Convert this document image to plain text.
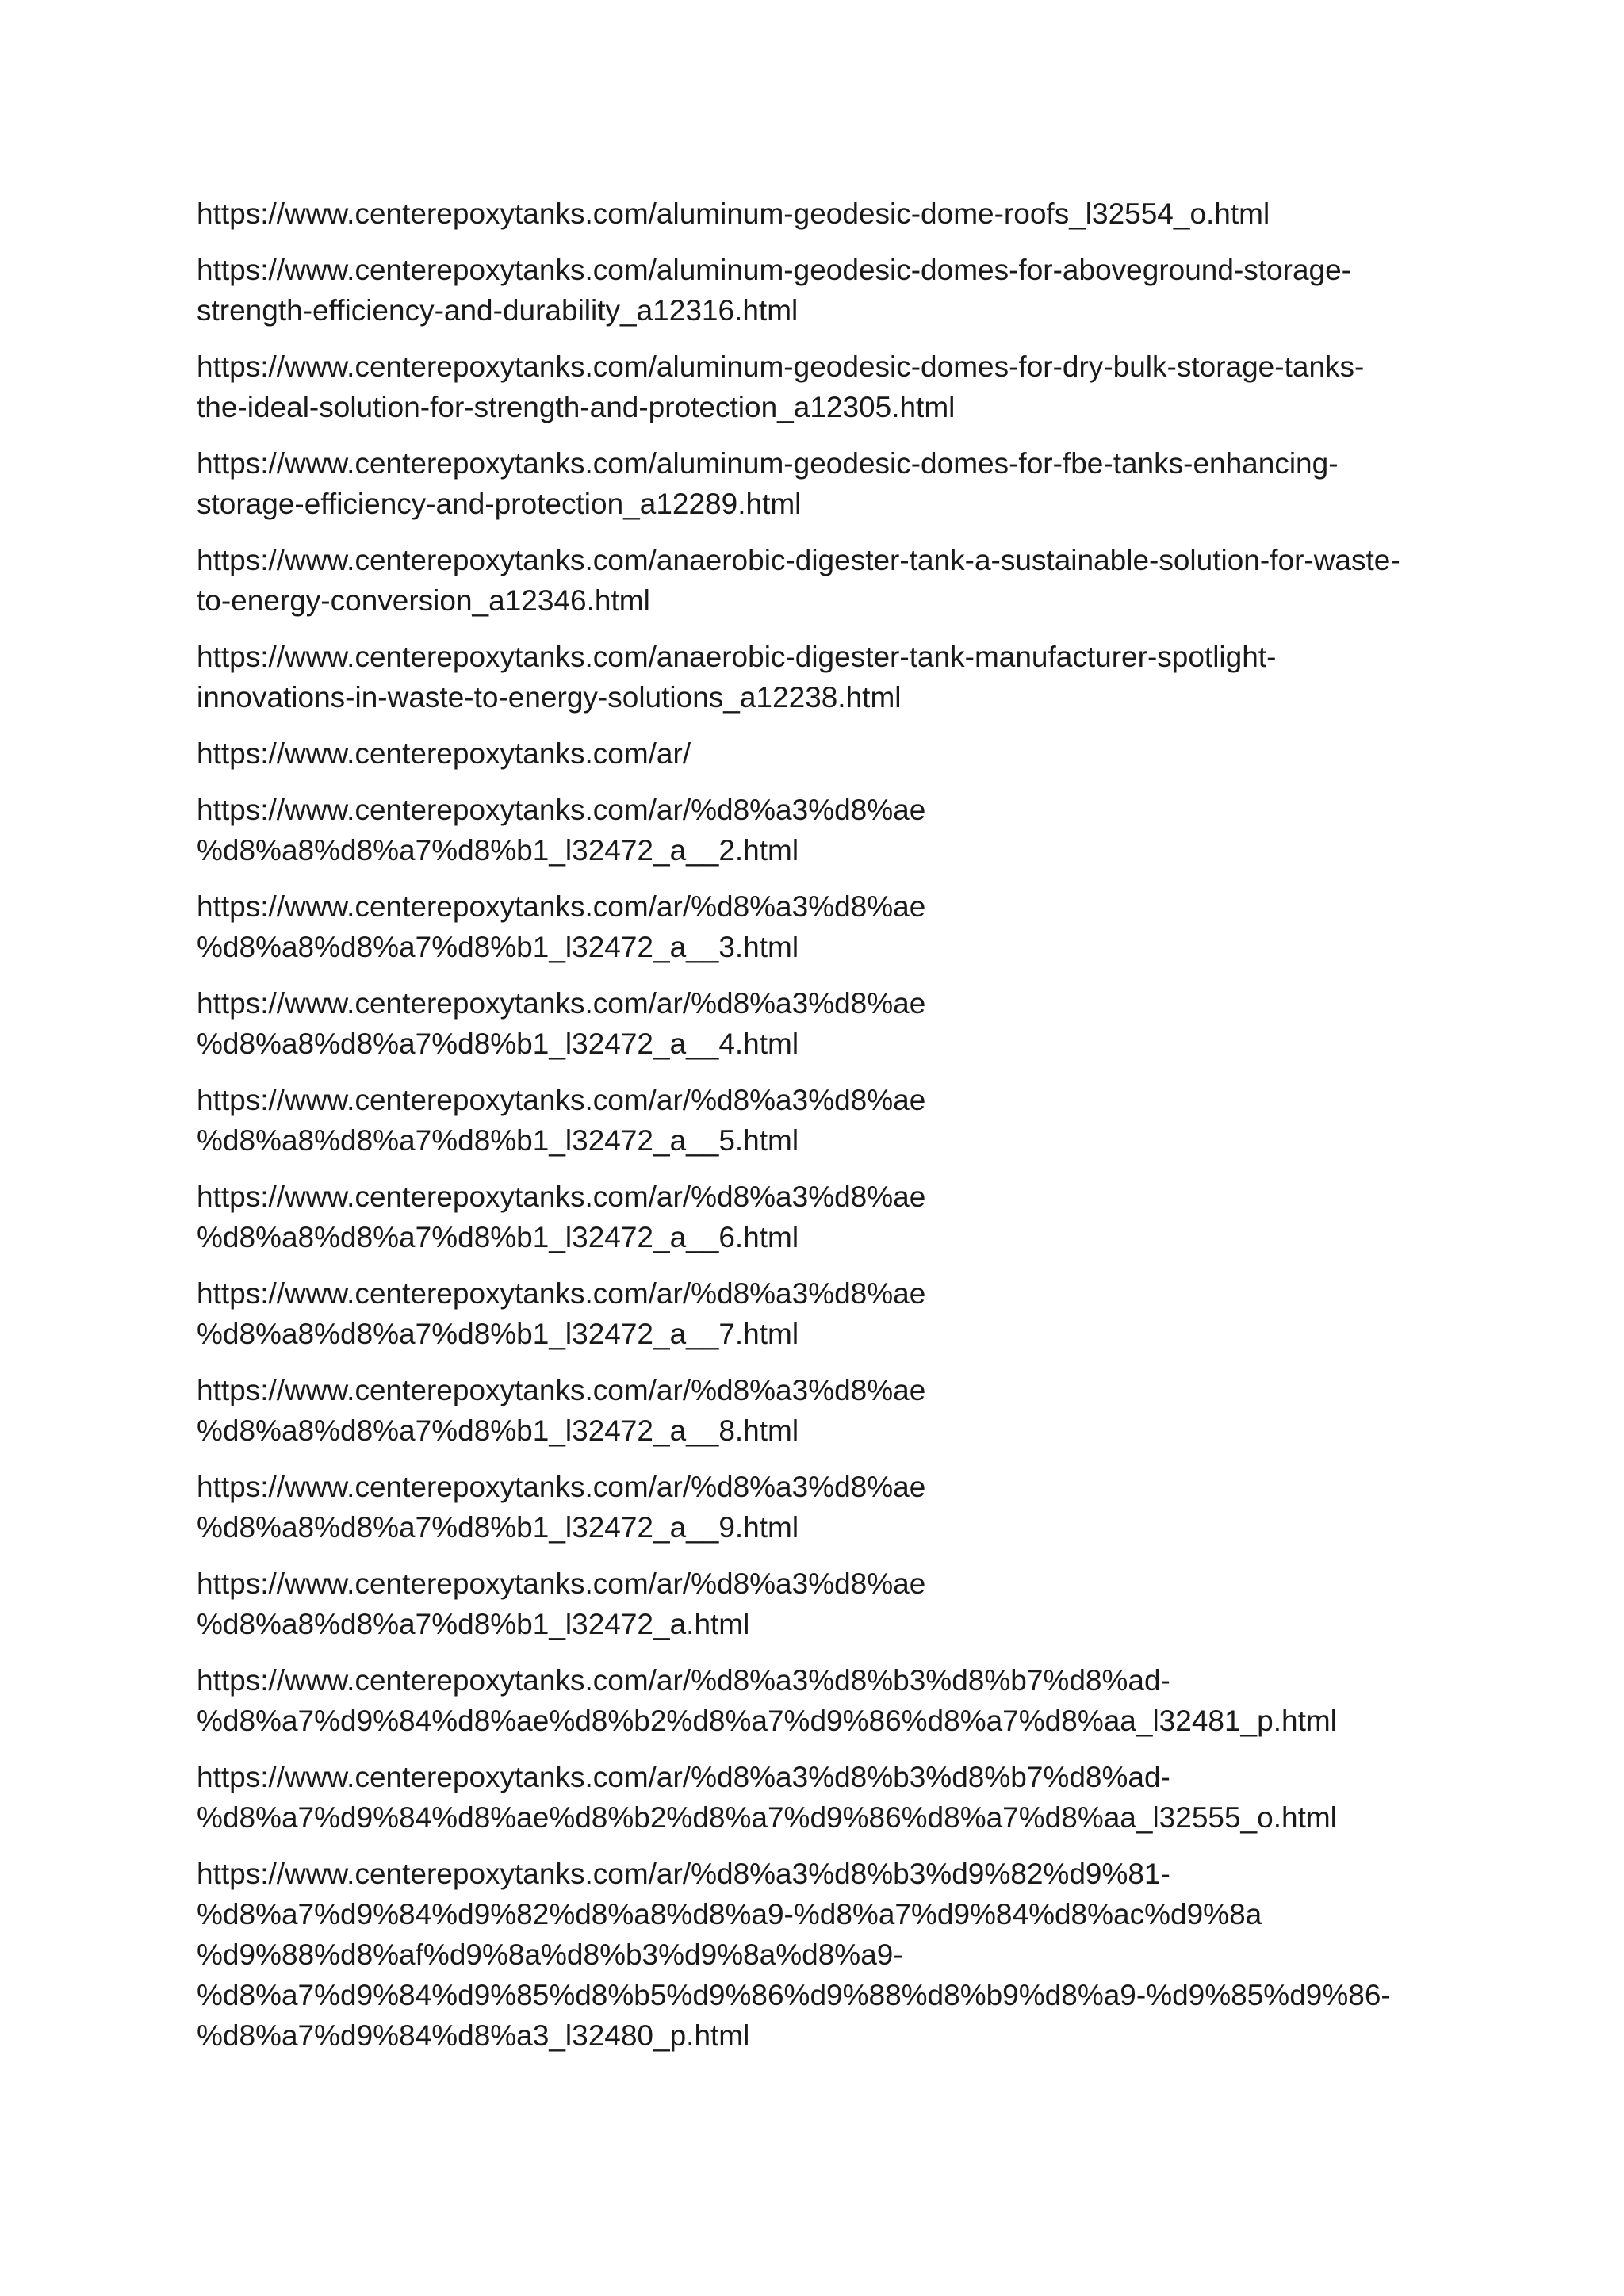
https://www.centerepoxytanks.com/aluminum-geodesic-dome-roofs_l32554_o.html
https://www.centerepoxytanks.com/aluminum-geodesic-domes-for-aboveground-storage-
strength-efficiency-and-durability_a12316.html
https://www.centerepoxytanks.com/aluminum-geodesic-domes-for-dry-bulk-storage-tanks-
the-ideal-solution-for-strength-and-protection_a12305.html
https://www.centerepoxytanks.com/aluminum-geodesic-domes-for-fbe-tanks-enhancing-
storage-efficiency-and-protection_a12289.html
https://www.centerepoxytanks.com/anaerobic-digester-tank-a-sustainable-solution-for-waste-
to-energy-conversion_a12346.html
https://www.centerepoxytanks.com/anaerobic-digester-tank-manufacturer-spotlight-
innovations-in-waste-to-energy-solutions_a12238.html
https://www.centerepoxytanks.com/ar/
https://www.centerepoxytanks.com/ar/%d8%a3%d8%ae
%d8%a8%d8%a7%d8%b1_l32472_a__2.html
https://www.centerepoxytanks.com/ar/%d8%a3%d8%ae
%d8%a8%d8%a7%d8%b1_l32472_a__3.html
https://www.centerepoxytanks.com/ar/%d8%a3%d8%ae
%d8%a8%d8%a7%d8%b1_l32472_a__4.html
https://www.centerepoxytanks.com/ar/%d8%a3%d8%ae
%d8%a8%d8%a7%d8%b1_l32472_a__5.html
https://www.centerepoxytanks.com/ar/%d8%a3%d8%ae
%d8%a8%d8%a7%d8%b1_l32472_a__6.html
https://www.centerepoxytanks.com/ar/%d8%a3%d8%ae
%d8%a8%d8%a7%d8%b1_l32472_a__7.html
https://www.centerepoxytanks.com/ar/%d8%a3%d8%ae
%d8%a8%d8%a7%d8%b1_l32472_a__8.html
https://www.centerepoxytanks.com/ar/%d8%a3%d8%ae
%d8%a8%d8%a7%d8%b1_l32472_a__9.html
https://www.centerepoxytanks.com/ar/%d8%a3%d8%ae
%d8%a8%d8%a7%d8%b1_l32472_a.html
https://www.centerepoxytanks.com/ar/%d8%a3%d8%b3%d8%b7%d8%ad-
%d8%a7%d9%84%d8%ae%d8%b2%d8%a7%d9%86%d8%a7%d8%aa_l32481_p.html
https://www.centerepoxytanks.com/ar/%d8%a3%d8%b3%d8%b7%d8%ad-
%d8%a7%d9%84%d8%ae%d8%b2%d8%a7%d9%86%d8%a7%d8%aa_l32555_o.html
https://www.centerepoxytanks.com/ar/%d8%a3%d8%b3%d9%82%d9%81-
%d8%a7%d9%84%d9%82%d8%a8%d8%a9-%d8%a7%d9%84%d8%ac%d9%8a
%d9%88%d8%af%d9%8a%d8%b3%d9%8a%d8%a9-
%d8%a7%d9%84%d9%85%d8%b5%d9%86%d9%88%d8%b9%d8%a9-%d9%85%d9%86-
%d8%a7%d9%84%d8%a3_l32480_p.html
